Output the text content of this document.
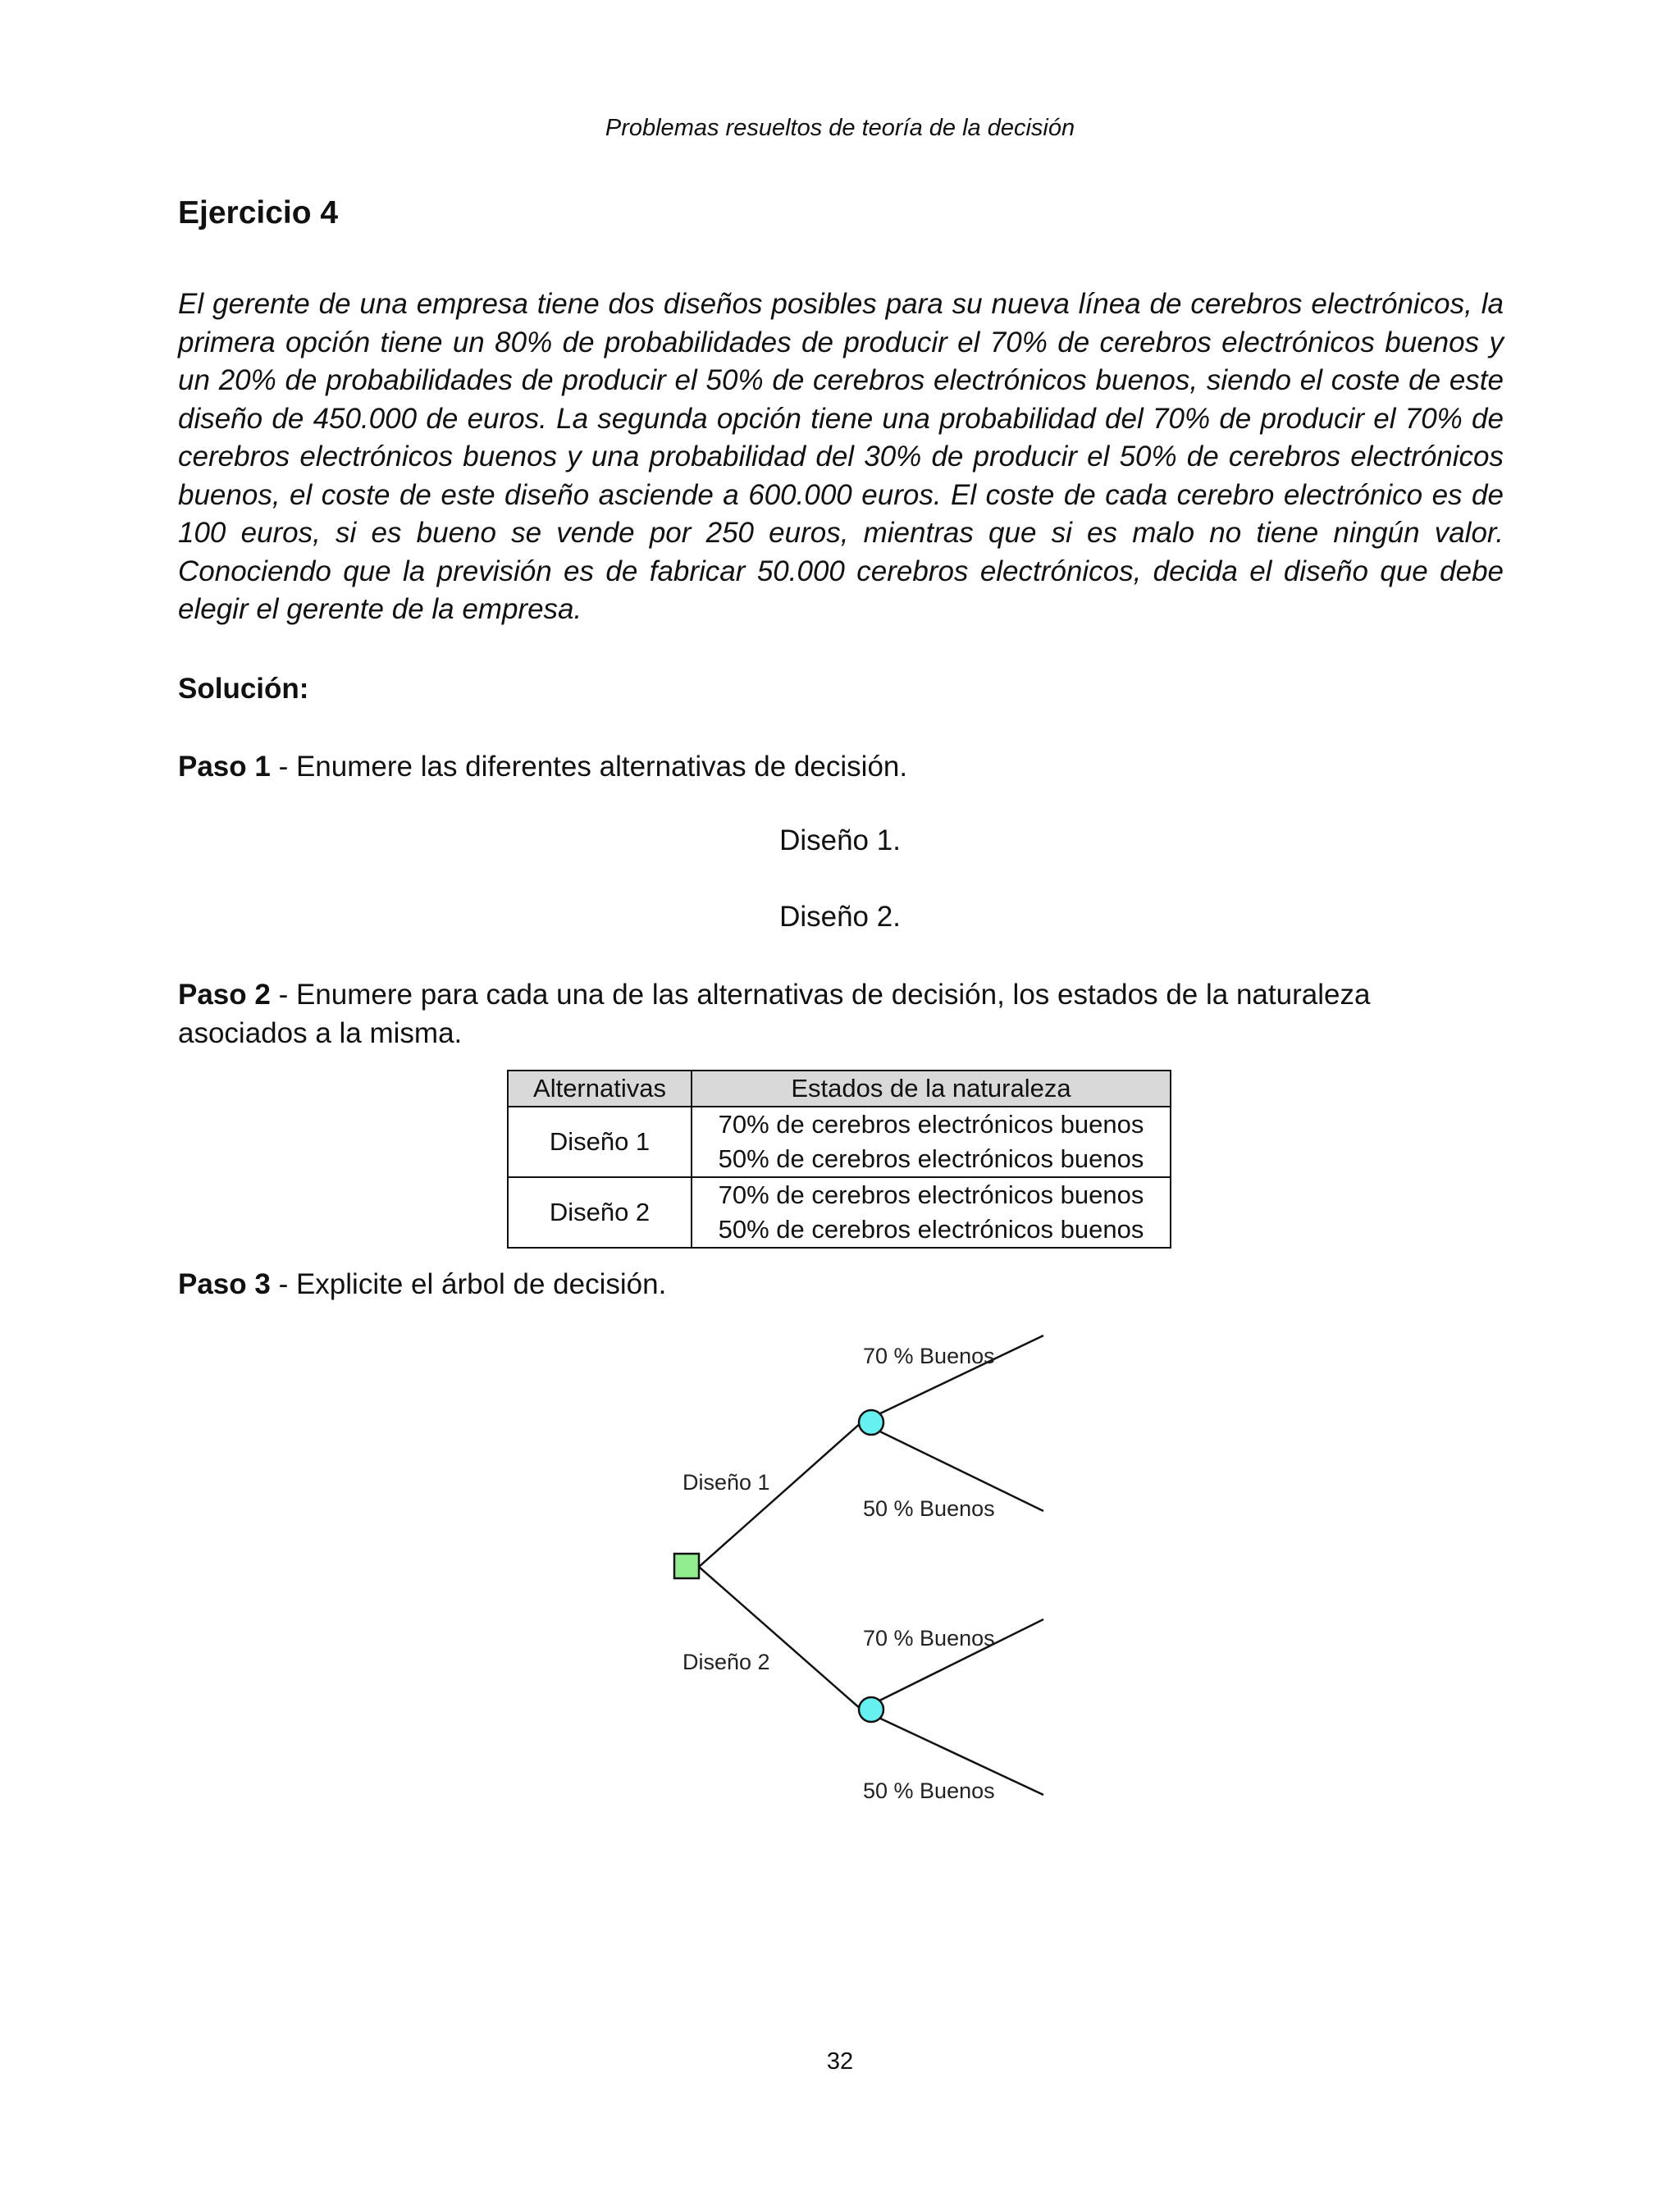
Problemas resueltos de teoría de la decisión
Ejercicio 4

El gerente de una empresa tiene dos diseños posibles para su nueva línea de cerebros electrónicos, la primera opción tiene un 80% de probabilidades de producir el 70% de cerebros electrónicos buenos y un 20% de probabilidades de producir el 50% de cerebros electrónicos buenos, siendo el coste de este diseño de 450.000 de euros. La segunda opción tiene una probabilidad del 70% de producir el 70% de cerebros electrónicos buenos y una probabilidad del 30% de producir el 50% de cerebros electrónicos buenos, el coste de este diseño asciende a 600.000 euros. El coste de cada cerebro electrónico es de 100 euros, si es bueno se vende por 250 euros, mientras que si es malo no tiene ningún valor. Conociendo que la previsión es de fabricar 50.000 cerebros electrónicos, decida el diseño que debe elegir el gerente de la empresa.

Solución:

Paso 1 - Enumere las diferentes alternativas de decisión.

Diseño 1.
Diseño 2.

Paso 2 - Enumere para cada una de las alternativas de decisión, los estados de la naturaleza asociados a la misma.

Alternativas	Estados de la naturaleza
Diseño 1	70% de cerebros electrónicos buenos
50% de cerebros electrónicos buenos

Diseño 2	70% de cerebros electrónicos buenos
50% de cerebros electrónicos buenos

Paso 3 - Explicite el árbol de decisión.

Diseño 1
Diseño 2
70 % Buenos
50 % Buenos
70 % Buenos
50 % Buenos
32
